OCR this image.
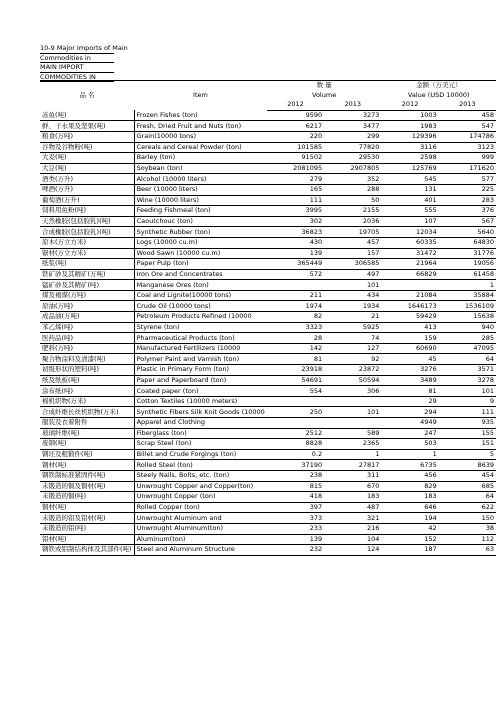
10-9 Major Imports of Main
Commodities in
MAIN IMPORT
COMMODITIES IN
品 名	Item	数 量		金额（万美元）	
		Volume		Value (USD 10000)	
		2012	2013	2012	2013
冻鱼(吨)	Frozen Fishes (ton)	9590	3273	1003	458
鲜、干水果及坚果(吨)	Fresh, Dried Fruit and Nuts (ton)	6217	3477	1983	547
粮食(万吨)	Grain(10000 tons)	220	299	129396	174786
谷物及谷物粉(吨)	Cereals and Cereal Powder (ton)	101585	77820	3116	3123
大麦(吨)	Barley (ton)	91502	29530	2598	999
大豆(吨)	Soybean (ton)	2081095	2907805	125769	171620
酒类(万升)	Alcohol (10000 liters)	279	352	545	577
啤酒(万升)	Beer (10000 liters)	165	288	131	225
葡萄酒(万升)	Wine (10000 liters)	111	50	401	283
饲料用鱼粉(吨)	Feeding Fishmeal (ton)	3995	2155	555	376
天然橡胶(包括胶乳)(吨)	Caoutchouc (ton)	302	2036	107	567
合成橡胶(包括胶乳)(吨)	Synthetic Rubber (ton)	36823	19705	12034	5640
原木(万立方米)	Logs (10000 cu.m)	430	457	60335	64830
锯材(万立方米)	Wood Sawn (10000 cu.m)	139	157	31472	31776
纸浆(吨)	Paper Pulp (ton)	365449	306585	21964	19056
铁矿砂及其精矿(万吨)	Iron Ore and Concentrates	572	497	66829	61458
锰矿砂及其精矿(吨)	Manganese Ores (ton)		101		1
煤及褐煤(万吨)	Coal and Lignite(10000 tons)	211	434	21084	35884
原油(万吨)	Crude Oil (10000 tons)	1974	1934	1646173	1536109
成品油(万吨)	Petroleum Products Refined (10000	82	21	59429	15638
苯乙烯(吨)	Styrene (ton)	3323	5925	413	940
医药品(吨)	Pharmaceutical Products (ton)	28	74	159	285
肥料(万吨)	Manufactured Fertilizers (10000	142	127	60690	47095
聚合物涂料及清漆(吨)	Polymer Paint and Varnish (ton)	81	92	45	64
初级形状的塑料(吨)	Plastic in Primary Form (ton)	23918	23872	3276	3571
纸及纸板(吨)	Paper and Paperboard (ton)	54691	50594	3489	3278
涂布纸(吨)	Coated paper (ton)	554	306	81	101
棉机织物(万米)	Cotton Textiles (10000 meters)			29	9
合成纤维长丝机织物(万米)	Synthetic Fibers Silk Knit Goods (10000	250	101	294	111
服装及衣着附件	Apparel and Clothing			4949	935
玻璃纤维(吨)	Fiberglass (ton)	2512	589	247	155
废钢(吨)	Scrap Steel (ton)	8828	2365	503	151
钢坯及粗锻件(吨)	Billet and Crude Forgings (ton)	0.2	1	1	5
钢材(吨)	Rolled Steel (ton)	37190	27817	6735	8639
钢铁制标准紧固件(吨)	Steely Nails, Bolts, etc. (ton)	238	311	456	454
未锻造的铜及铜材(吨)	Unwrought Copper and Copper(ton)	815	670	829	685
未锻造的铜(吨)	Unwrought Copper (ton)	418	183	183	64
铜材(吨)	Rolled Copper (ton)	397	487	646	622
未锻造的铝及铝材(吨)	Unwrought Aluminum and	373	321	194	150
未锻造的铝(吨)	Unwrought Aluminum(ton)	233	216	42	38
铝材(吨)	Aluminum(ton)	139	104	152	112
钢铁或铝制结构体及其部件(吨)	Steel and Aluminum Structure	232	124	187	63
